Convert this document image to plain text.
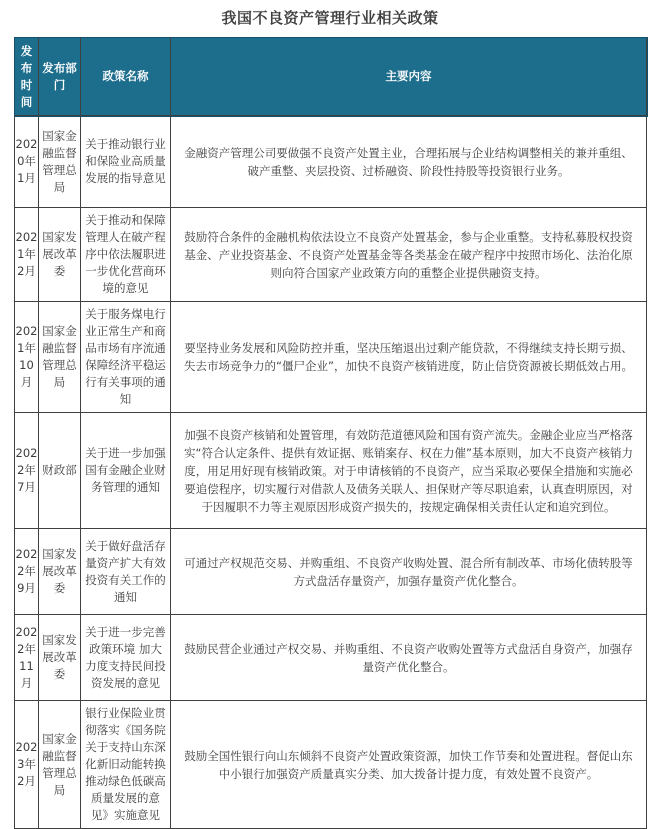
我国不良资产管理行业相关政策
发布时间	发布部门	政策名称	主要内容
2020年1月	国家金融监督管理总局	关于推动银行业和保险业高质量发展的指导意见	金融资产管理公司要做强不良资产处置主业，合理拓展与企业结构调整相关的兼并重组、破产重整、夹层投资、过桥融资、阶段性持股等投资银行业务。
2021年2月	国家发展改革委	关于推动和保障管理人在破产程序中依法履职进一步优化营商环境的意见	鼓励符合条件的金融机构依法设立不良资产处置基金，参与企业重整。支持私募股权投资基金、产业投资基金、不良资产处置基金等各类基金在破产程序中按照市场化、法治化原则向符合国家产业政策方向的重整企业提供融资支持。
2021年10月	国家金融监督管理总局	关于服务煤电行业正常生产和商品市场有序流通保障经济平稳运行有关事项的通知	要坚持业务发展和风险防控并重，坚决压缩退出过剩产能贷款，不得继续支持长期亏损、失去市场竞争力的“僵尸企业”，加快不良资产核销进度，防止信贷资源被长期低效占用。
2022年7月	财政部	关于进一步加强国有金融企业财务管理的通知	加强不良资产核销和处置管理，有效防范道德风险和国有资产流失。金融企业应当严格落实“符合认定条件、提供有效证据、账销案存、权在力催”基本原则，加大不良资产核销力度，用足用好现有核销政策。对于申请核销的不良资产，应当采取必要保全措施和实施必要追偿程序，切实履行对借款人及债务关联人、担保财产等尽职追索，认真查明原因，对于因履职不力等主观原因形成资产损失的，按规定确保相关责任认定和追究到位。
2022年9月	国家发展改革委	关于做好盘活存量资产扩大有效投资有关工作的通知	可通过产权规范交易、并购重组、不良资产收购处置、混合所有制改革、市场化债转股等方式盘活存量资产，加强存量资产优化整合。
2022年11月	国家发展改革委	关于进一步完善政策环境 加大力度支持民间投资发展的意见	鼓励民营企业通过产权交易、并购重组、不良资产收购处置等方式盘活自身资产，加强存量资产优化整合。
2023年2月	国家金融监督管理总局	银行业保险业贯彻落实《国务院关于支持山东深化新旧动能转换推动绿色低碳高质量发展的意见》实施意见	鼓励全国性银行向山东倾斜不良资产处置政策资源，加快工作节奏和处置进程。督促山东中小银行加强资产质量真实分类、加大拨备计提力度，有效处置不良资产。
